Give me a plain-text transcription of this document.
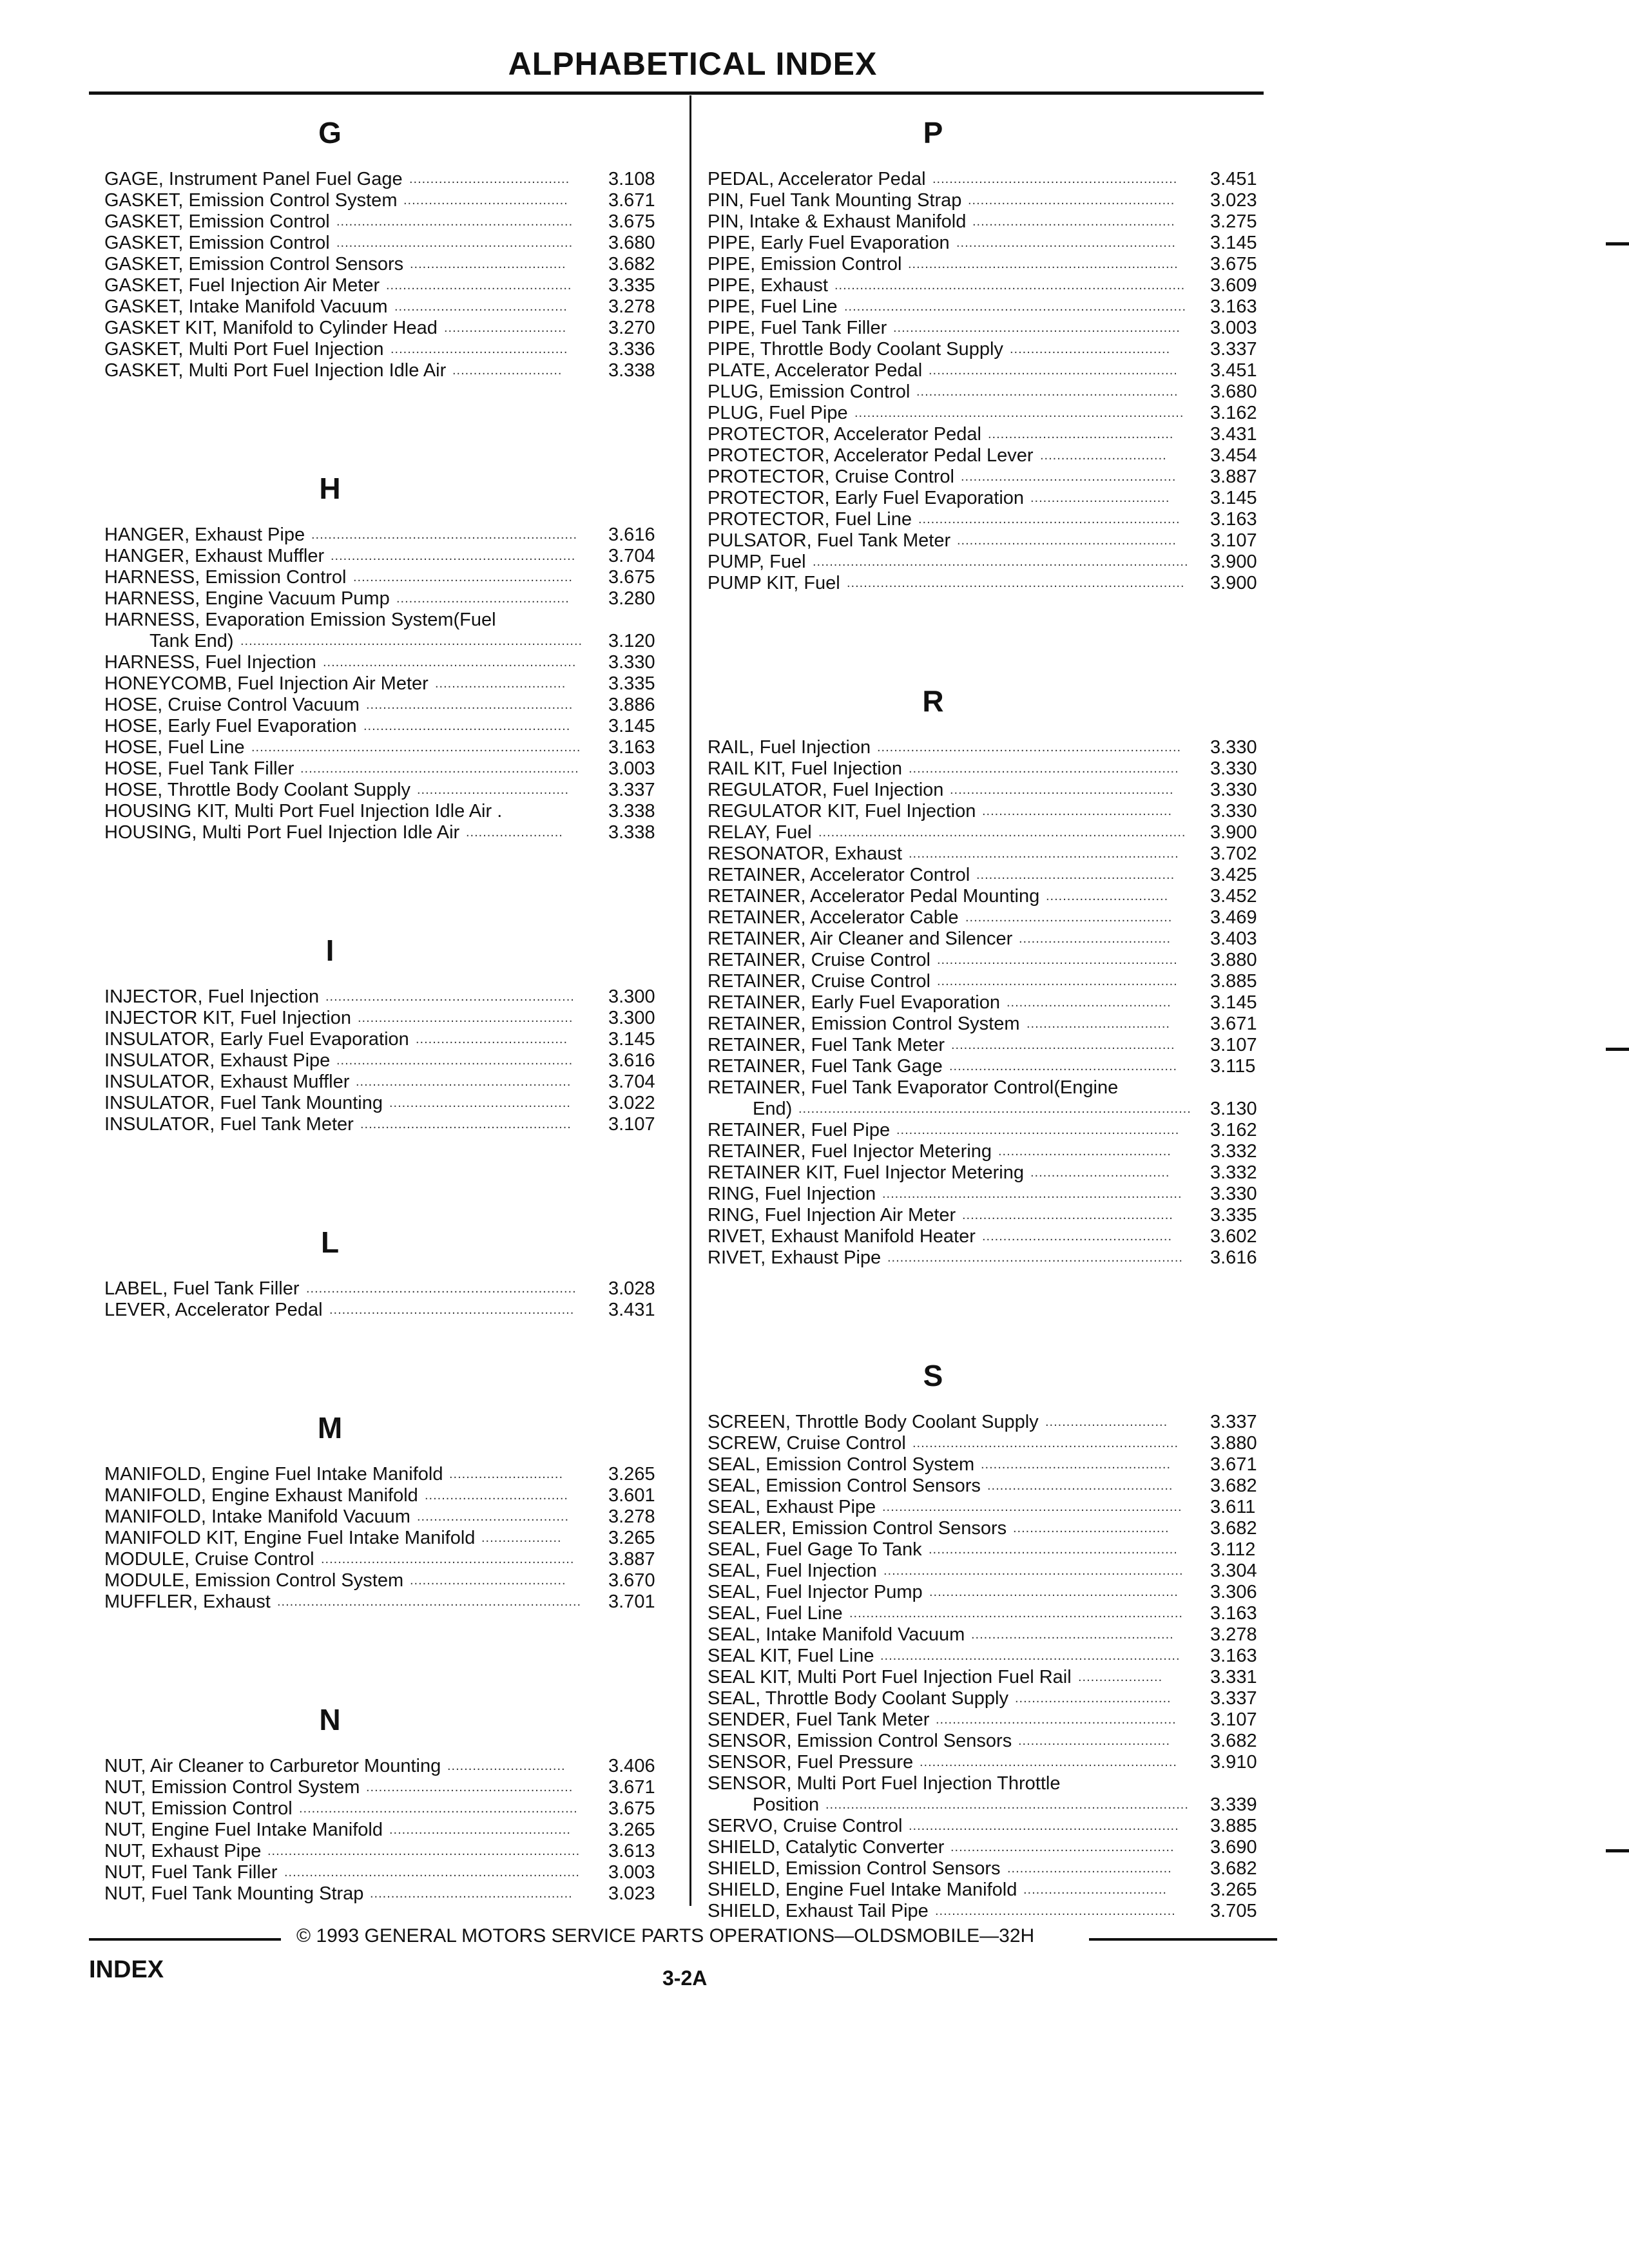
ALPHABETICAL INDEX
G
GAGE, Instrument Panel Fuel Gage ...................................... 3.108
GASKET, Emission Control System ....................................... 3.671
GASKET, Emission Control ........................................................ 3.675
GASKET, Emission Control ........................................................ 3.680
GASKET, Emission Control Sensors ..................................... 3.682
GASKET, Fuel Injection Air Meter ............................................ 3.335
GASKET, Intake Manifold Vacuum ......................................... 3.278
GASKET KIT, Manifold to Cylinder Head ............................. 3.270
GASKET, Multi Port Fuel Injection .......................................... 3.336
GASKET, Multi Port Fuel Injection Idle Air .......................... 3.338
H
HANGER, Exhaust Pipe ............................................................... 3.616
HANGER, Exhaust Muffler .......................................................... 3.704
HARNESS, Emission Control .................................................... 3.675
HARNESS, Engine Vacuum Pump ......................................... 3.280
HARNESS, Evaporation Emission System(Fuel
Tank End) ................................................................................. 3.120
HARNESS, Fuel Injection ............................................................ 3.330
HONEYCOMB, Fuel Injection Air Meter ............................... 3.335
HOSE, Cruise Control Vacuum ................................................. 3.886
HOSE, Early Fuel Evaporation ................................................. 3.145
HOSE, Fuel Line .............................................................................. 3.163
HOSE, Fuel Tank Filler .................................................................. 3.003
HOSE, Throttle Body Coolant Supply .................................... 3.337
HOUSING KIT, Multi Port Fuel Injection Idle Air .	3.338
HOUSING, Multi Port Fuel Injection Idle Air ....................... 3.338
I
INJECTOR, Fuel Injection ........................................................... 3.300
INJECTOR KIT, Fuel Injection ................................................... 3.300
INSULATOR, Early Fuel Evaporation .................................... 3.145
INSULATOR, Exhaust Pipe ........................................................ 3.616
INSULATOR, Exhaust Muffler ................................................... 3.704
INSULATOR, Fuel Tank Mounting ........................................... 3.022
INSULATOR, Fuel Tank Meter .................................................. 3.107
L
LABEL, Fuel Tank Filler ................................................................ 3.028
LEVER, Accelerator Pedal .......................................................... 3.431
M
MANIFOLD, Engine Fuel Intake Manifold ........................... 3.265
MANIFOLD, Engine Exhaust Manifold .................................. 3.601
MANIFOLD, Intake Manifold Vacuum .................................... 3.278
MANIFOLD KIT, Engine Fuel Intake Manifold ................... 3.265
MODULE, Cruise Control ............................................................ 3.887
MODULE, Emission Control System ..................................... 3.670
MUFFLER, Exhaust ........................................................................ 3.701
N
NUT, Air Cleaner to Carburetor Mounting ............................ 3.406
NUT, Emission Control System ................................................. 3.671
NUT, Emission Control .................................................................. 3.675
NUT, Engine Fuel Intake Manifold ........................................... 3.265
NUT, Exhaust Pipe .......................................................................... 3.613
NUT, Fuel Tank Filler ...................................................................... 3.003
NUT, Fuel Tank Mounting Strap ................................................ 3.023
P
PEDAL, Accelerator Pedal .......................................................... 3.451
PIN, Fuel Tank Mounting Strap ................................................. 3.023
PIN, Intake & Exhaust Manifold ................................................ 3.275
PIPE, Early Fuel Evaporation .................................................... 3.145
PIPE, Emission Control ................................................................ 3.675
PIPE, Exhaust ................................................................................... 3.609
PIPE, Fuel Line ................................................................................. 3.163
PIPE, Fuel Tank Filler .................................................................... 3.003
PIPE, Throttle Body Coolant Supply ...................................... 3.337
PLATE, Accelerator Pedal ........................................................... 3.451
PLUG, Emission Control .............................................................. 3.680
PLUG, Fuel Pipe .............................................................................. 3.162
PROTECTOR, Accelerator Pedal ............................................ 3.431
PROTECTOR, Accelerator Pedal Lever .............................. 3.454
PROTECTOR, Cruise Control ................................................... 3.887
PROTECTOR, Early Fuel Evaporation ................................. 3.145
PROTECTOR, Fuel Line .............................................................. 3.163
PULSATOR, Fuel Tank Meter .................................................... 3.107
PUMP, Fuel ......................................................................................... 3.900
PUMP KIT, Fuel ................................................................................ 3.900
R
RAIL, Fuel Injection ........................................................................ 3.330
RAIL KIT, Fuel Injection ................................................................ 3.330
REGULATOR, Fuel Injection ..................................................... 3.330
REGULATOR KIT, Fuel Injection ............................................. 3.330
RELAY, Fuel ....................................................................................... 3.900
RESONATOR, Exhaust ................................................................ 3.702
RETAINER, Accelerator Control ............................................... 3.425
RETAINER, Accelerator Pedal Mounting ............................. 3.452
RETAINER, Accelerator Cable ................................................. 3.469
RETAINER, Air Cleaner and Silencer .................................... 3.403
RETAINER, Cruise Control ......................................................... 3.880
RETAINER, Cruise Control ......................................................... 3.885
RETAINER, Early Fuel Evaporation ....................................... 3.145
RETAINER, Emission Control System .................................. 3.671
RETAINER, Fuel Tank Meter ..................................................... 3.107
RETAINER, Fuel Tank Gage ...................................................... 3.115
RETAINER, Fuel Tank Evaporator Control(Engine
End) ............................................................................................. 3.130
RETAINER, Fuel Pipe ................................................................... 3.162
RETAINER, Fuel Injector Metering ......................................... 3.332
RETAINER KIT, Fuel Injector Metering ................................. 3.332
RING, Fuel Injection ....................................................................... 3.330
RING, Fuel Injection Air Meter .................................................. 3.335
RIVET, Exhaust Manifold Heater ............................................. 3.602
RIVET, Exhaust Pipe ...................................................................... 3.616
S
SCREEN, Throttle Body Coolant Supply ............................. 3.337
SCREW, Cruise Control ............................................................... 3.880
SEAL, Emission Control System ............................................. 3.671
SEAL, Emission Control Sensors ............................................ 3.682
SEAL, Exhaust Pipe ....................................................................... 3.611
SEALER, Emission Control Sensors ..................................... 3.682
SEAL, Fuel Gage To Tank ........................................................... 3.112
SEAL, Fuel Injection ....................................................................... 3.304
SEAL, Fuel Injector Pump ........................................................... 3.306
SEAL, Fuel Line ............................................................................... 3.163
SEAL, Intake Manifold Vacuum ................................................ 3.278
SEAL KIT, Fuel Line ....................................................................... 3.163
SEAL KIT, Multi Port Fuel Injection Fuel Rail ....................	3.331
SEAL, Throttle Body Coolant Supply ..................................... 3.337
SENDER, Fuel Tank Meter ......................................................... 3.107
SENSOR, Emission Control Sensors .................................... 3.682
SENSOR, Fuel Pressure ............................................................. 3.910
SENSOR, Multi Port Fuel Injection Throttle
Position ...................................................................................... 3.339
SERVO, Cruise Control ................................................................ 3.885
SHIELD, Catalytic Converter ..................................................... 3.690
SHIELD, Emission Control Sensors ....................................... 3.682
SHIELD, Engine Fuel Intake Manifold .................................. 3.265
SHIELD, Exhaust Tail Pipe ......................................................... 3.705
© 1993 GENERAL MOTORS SERVICE PARTS OPERATIONS—OLDSMOBILE—32H
INDEX	3-2A
